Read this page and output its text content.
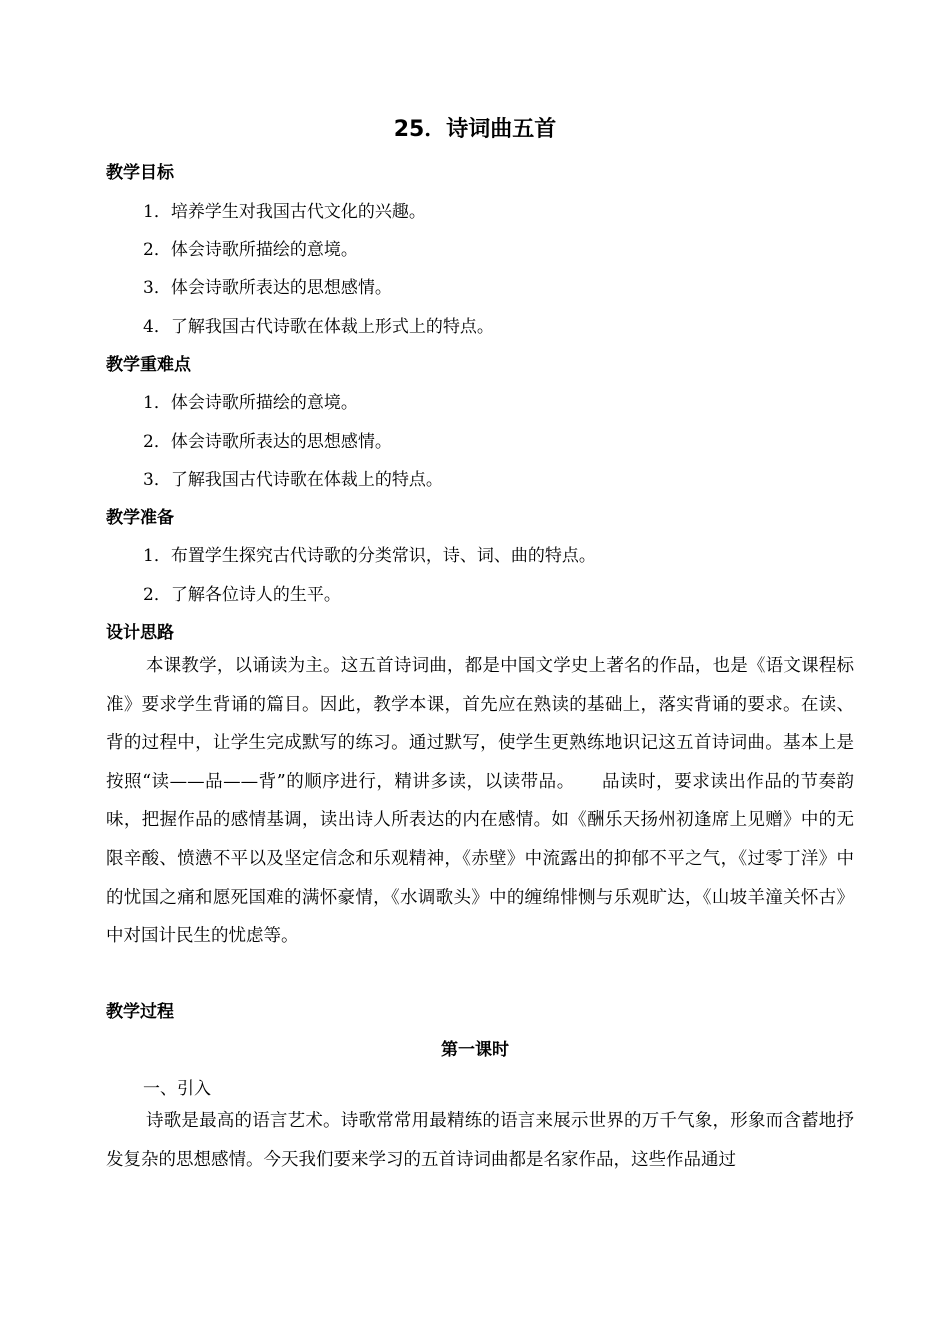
25．诗词曲五首
教学目标
1．培养学生对我国古代文化的兴趣。
2．体会诗歌所描绘的意境。
3．体会诗歌所表达的思想感情。
4．了解我国古代诗歌在体裁上形式上的特点。
教学重难点
1．体会诗歌所描绘的意境。
2．体会诗歌所表达的思想感情。
3．了解我国古代诗歌在体裁上的特点。
教学准备
1．布置学生探究古代诗歌的分类常识，诗、词、曲的特点。
2．了解各位诗人的生平。
设计思路

本课教学，以诵读为主。这五首诗词曲，都是中国文学史上著名的作品，也是《语文课程标准》要求学生背诵的篇目。因此，教学本课，首先应在熟读的基础上，落实背诵的要求。在读、背的过程中，让学生完成默写的练习。通过默写，使学生更熟练地识记这五首诗词曲。基本上是按照“读——品——背”的顺序进行，精讲多读，以读带品。　　品读时，要求读出作品的节奏韵味，把握作品的感情基调，读出诗人所表达的内在感情。如《酬乐天扬州初逢席上见赠》中的无限辛酸、愤懑不平以及坚定信念和乐观精神，《赤壁》中流露出的抑郁不平之气，《过零丁洋》中的忧国之痛和愿死国难的满怀豪情，《水调歌头》中的缠绵悱恻与乐观旷达，《山坡羊潼关怀古》中对国计民生的忧虑等。

教学过程
第一课时
一、引入

诗歌是最高的语言艺术。诗歌常常用最精练的语言来展示世界的万千气象，形象而含蓄地抒发复杂的思想感情。今天我们要来学习的五首诗词曲都是名家作品，这些作品通过
